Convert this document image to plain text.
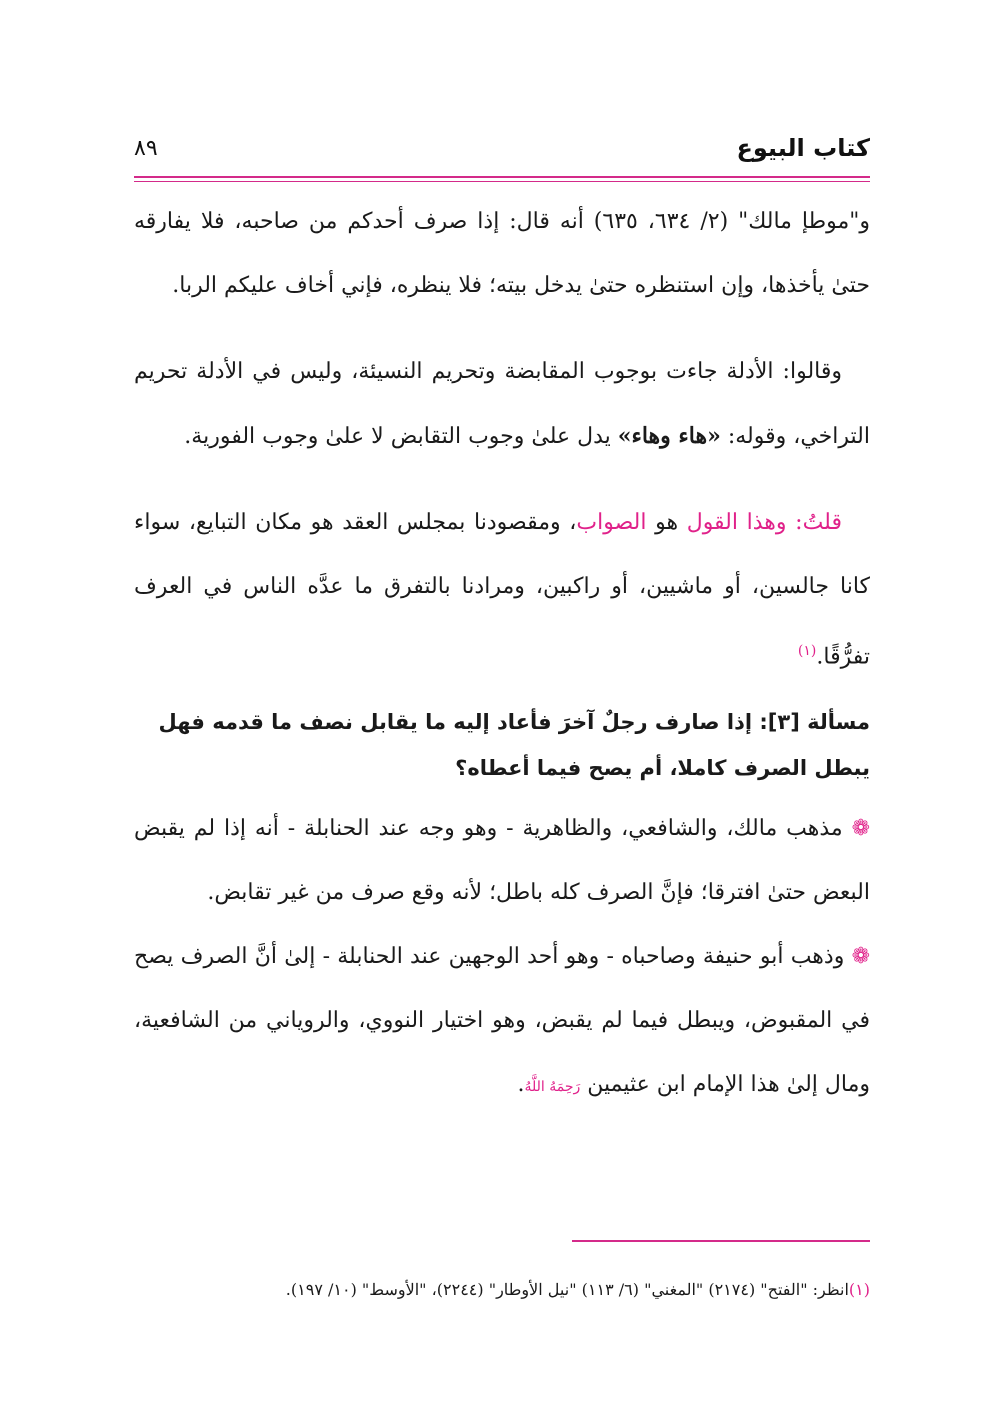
كتاب البيوع
٨٩

و"موطإ مالك" (٢/ ٦٣٤، ٦٣٥) أنه قال: إذا صرف أحدكم من صاحبه، فلا يفارقه حتىٰ يأخذها، وإن استنظره حتىٰ يدخل بيته؛ فلا ينظره، فإني أخاف عليكم الربا.

وقالوا: الأدلة جاءت بوجوب المقابضة وتحريم النسيئة، وليس في الأدلة تحريم التراخي، وقوله: «هاء وهاء» يدل علىٰ وجوب التقابض لا علىٰ وجوب الفورية.

قلتُ: وهذا القول هو الصواب، ومقصودنا بمجلس العقد هو مكان التبايع، سواء كانا جالسين، أو ماشيين، أو راكبين، ومرادنا بالتفرق ما عدَّه الناس في العرف تفرُّقًا.$^{(١)}$

مسألة [٣]: إذا صارف رجلٌ آخرَ فأعاد إليه ما يقابل نصف ما قدمه فهل يبطل الصرف كاملا، أم يصح فيما أعطاه؟

❁ مذهب مالك، والشافعي، والظاهرية - وهو وجه عند الحنابلة - أنه إذا لم يقبض البعض حتىٰ افترقا؛ فإنَّ الصرف كله باطل؛ لأنه وقع صرف من غير تقابض.

❁ وذهب أبو حنيفة وصاحباه - وهو أحد الوجهين عند الحنابلة - إلىٰ أنَّ الصرف يصح في المقبوض، ويبطل فيما لم يقبض، وهو اختيار النووي، والروياني من الشافعية، ومال إلىٰ هذا الإمام ابن عثيمين رَحِمَهُ اللَّهُ.

(١)انظر: "الفتح" (٢١٧٤) "المغني" (٦/ ١١٣) "نيل الأوطار" (٢٢٤٤)، "الأوسط" (١٠/ ١٩٧).
